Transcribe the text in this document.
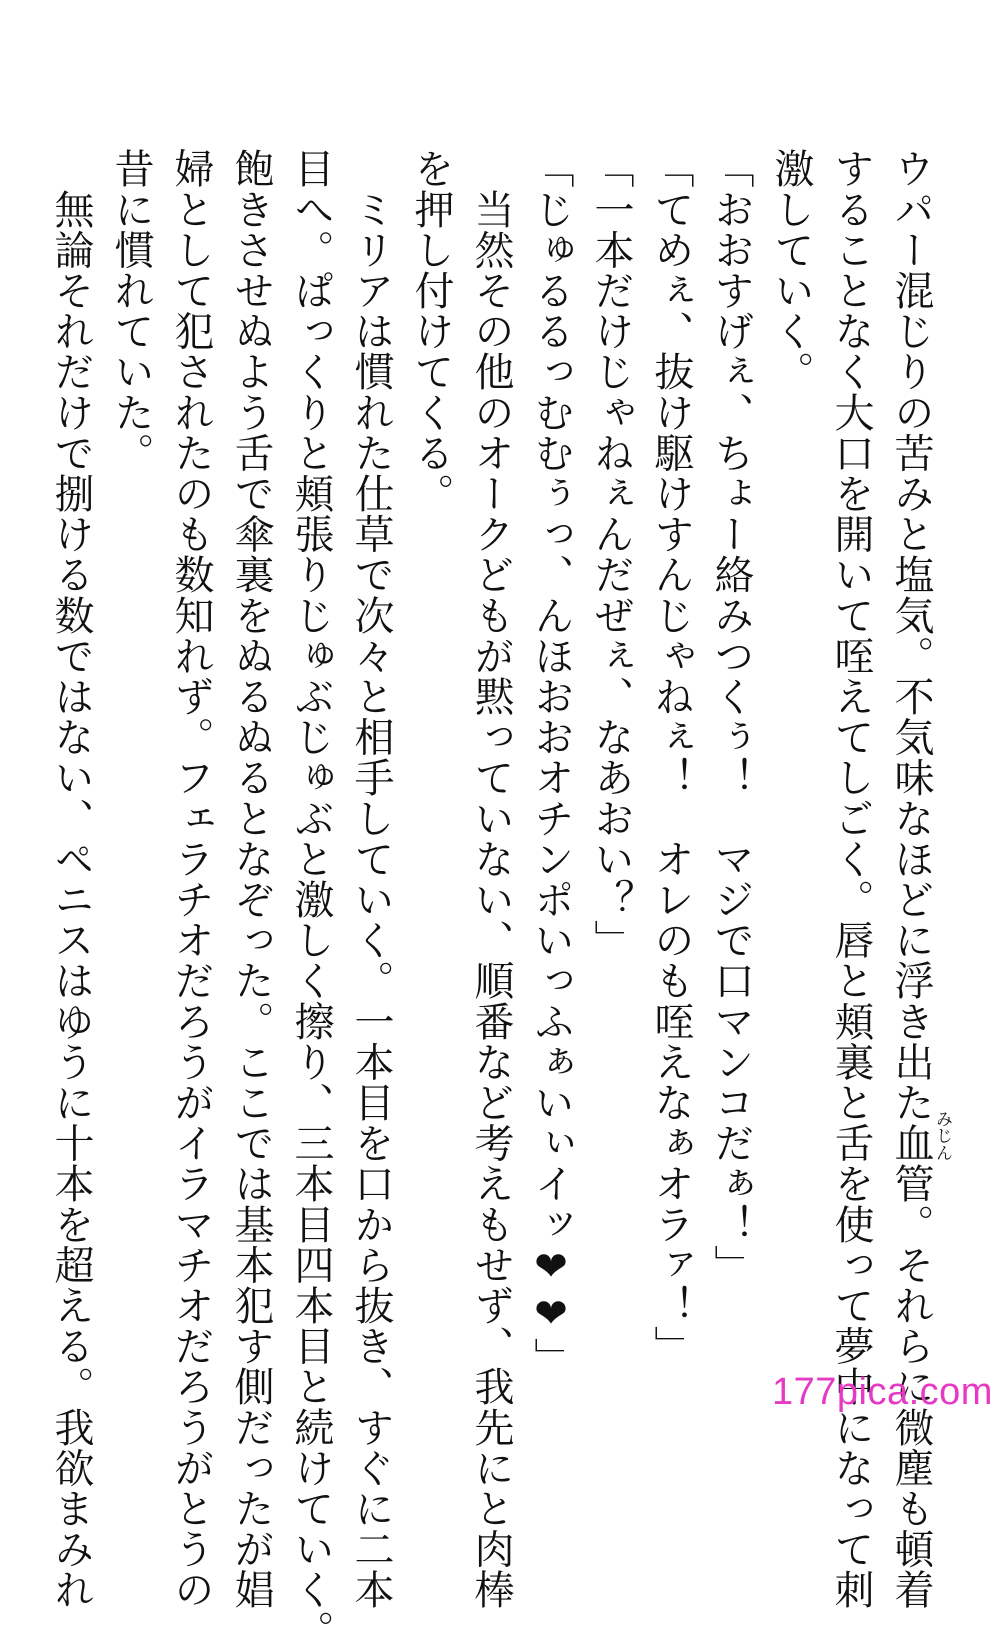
ウパー混じりの苦みと塩気。不気味なほどに浮き出た血管。それらに微塵も頓着

みじん

することなく大口を開いて咥えてしごく。唇と頬裏と舌を使って夢中になって刺

激していく。

「おおすげぇ、ちょー絡みつくぅ！　マジで口マンコだぁ！」

「てめぇ、抜け駆けすんじゃねぇ！　オレのも咥えなぁオラァ！」

「一本だけじゃねぇんだぜぇ、なあおい？」

「じゅるるっむむぅっ、んほおおオチンポいっふぁいぃイッ❤❤」

　当然その他のオークどもが黙っていない、順番など考えもせず、我先にと肉棒

を押し付けてくる。

　ミリアは慣れた仕草で次々と相手していく。一本目を口から抜き、すぐに二本

目へ。ぱっくりと頬張りじゅぶじゅぶと激しく擦り、三本目四本目と続けていく。

飽きさせぬよう舌で傘裏をぬるぬるとなぞった。ここでは基本犯す側だったが娼

婦として犯されたのも数知れず。フェラチオだろうがイラマチオだろうがとうの

昔に慣れていた。

　無論それだけで捌ける数ではない、ペニスはゆうに十本を超える。我欲まみれ	177pica.com
